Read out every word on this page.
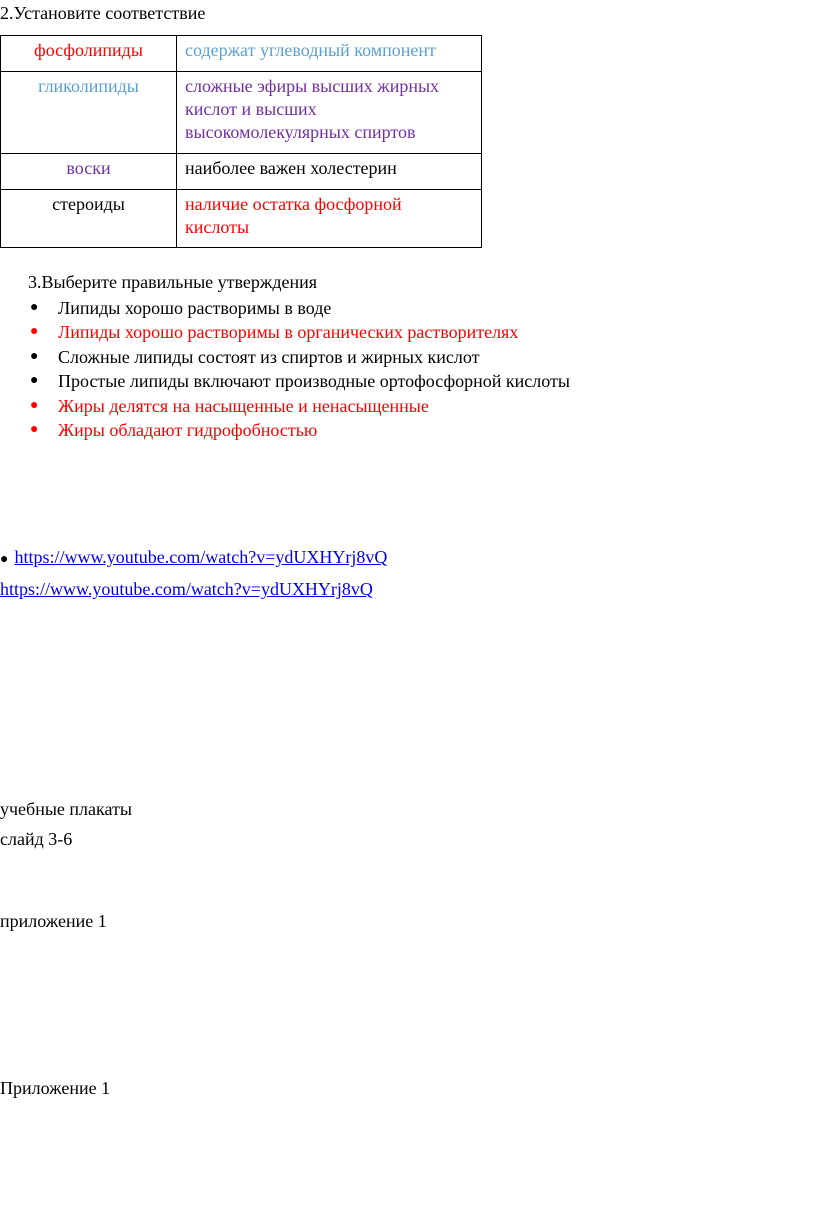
2.Установите соответствие
фосфолипиды	содержат углеводный компонент

гликолипиды	сложные эфиры высших жирных
кислот и высших
высокомолекулярных спиртов

воски	наиболее важен холестерин

стероиды	наличие остатка фосфорной
кислоты
3.Выберите правильные утверждения
● Липиды хорошо растворимы в воде
● Липиды хорошо растворимы в органических растворителях
● Сложные липиды состоят из спиртов и жирных кислот
● Простые липиды включают производные ортофосфорной кислоты
● Жиры делятся на насыщенные и ненасыщенные
● Жиры обладают гидрофобностью
● https://www.youtube.com/watch?v=ydUXHYrj8vQ
https://www.youtube.com/watch?v=ydUXHYrj8vQ
учебные плакаты
слайд 3-6
приложение 1
Приложение 1
